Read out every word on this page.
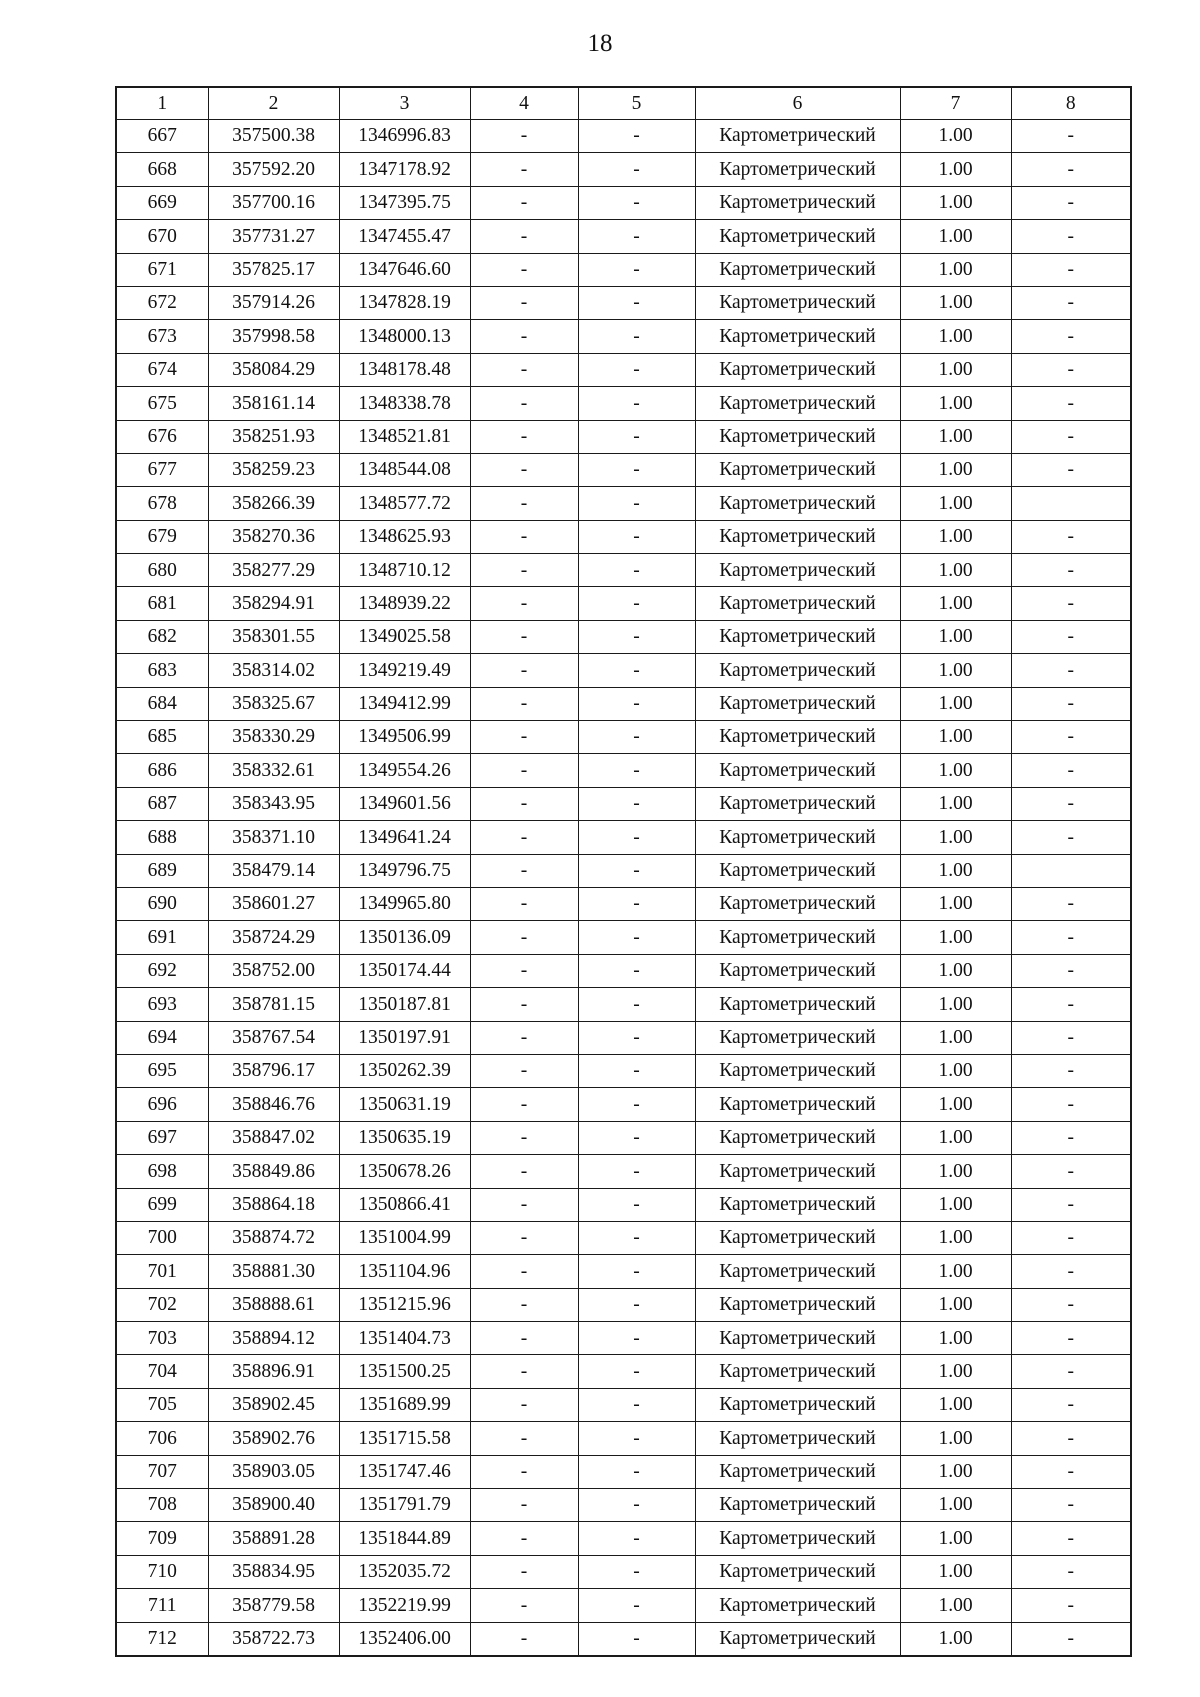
18
1	2	3	4	5	6	7	8
667	357500.38	1346996.83	-	-	Картометрический	1.00	-
668	357592.20	1347178.92	-	-	Картометрический	1.00	-
669	357700.16	1347395.75	-	-	Картометрический	1.00	-
670	357731.27	1347455.47	-	-	Картометрический	1.00	-
671	357825.17	1347646.60	-	-	Картометрический	1.00	-
672	357914.26	1347828.19	-	-	Картометрический	1.00	-
673	357998.58	1348000.13	-	-	Картометрический	1.00	-
674	358084.29	1348178.48	-	-	Картометрический	1.00	-
675	358161.14	1348338.78	-	-	Картометрический	1.00	-
676	358251.93	1348521.81	-	-	Картометрический	1.00	-
677	358259.23	1348544.08	-	-	Картометрический	1.00	-
678	358266.39	1348577.72	-	-	Картометрический	1.00	
679	358270.36	1348625.93	-	-	Картометрический	1.00	-
680	358277.29	1348710.12	-	-	Картометрический	1.00	-
681	358294.91	1348939.22	-	-	Картометрический	1.00	-
682	358301.55	1349025.58	-	-	Картометрический	1.00	-
683	358314.02	1349219.49	-	-	Картометрический	1.00	-
684	358325.67	1349412.99	-	-	Картометрический	1.00	-
685	358330.29	1349506.99	-	-	Картометрический	1.00	-
686	358332.61	1349554.26	-	-	Картометрический	1.00	-
687	358343.95	1349601.56	-	-	Картометрический	1.00	-
688	358371.10	1349641.24	-	-	Картометрический	1.00	-
689	358479.14	1349796.75	-	-	Картометрический	1.00	
690	358601.27	1349965.80	-	-	Картометрический	1.00	-
691	358724.29	1350136.09	-	-	Картометрический	1.00	-
692	358752.00	1350174.44	-	-	Картометрический	1.00	-
693	358781.15	1350187.81	-	-	Картометрический	1.00	-
694	358767.54	1350197.91	-	-	Картометрический	1.00	-
695	358796.17	1350262.39	-	-	Картометрический	1.00	-
696	358846.76	1350631.19	-	-	Картометрический	1.00	-
697	358847.02	1350635.19	-	-	Картометрический	1.00	-
698	358849.86	1350678.26	-	-	Картометрический	1.00	-
699	358864.18	1350866.41	-	-	Картометрический	1.00	-
700	358874.72	1351004.99	-	-	Картометрический	1.00	-
701	358881.30	1351104.96	-	-	Картометрический	1.00	-
702	358888.61	1351215.96	-	-	Картометрический	1.00	-
703	358894.12	1351404.73	-	-	Картометрический	1.00	-
704	358896.91	1351500.25	-	-	Картометрический	1.00	-
705	358902.45	1351689.99	-	-	Картометрический	1.00	-
706	358902.76	1351715.58	-	-	Картометрический	1.00	-
707	358903.05	1351747.46	-	-	Картометрический	1.00	-
708	358900.40	1351791.79	-	-	Картометрический	1.00	-
709	358891.28	1351844.89	-	-	Картометрический	1.00	-
710	358834.95	1352035.72	-	-	Картометрический	1.00	-
711	358779.58	1352219.99	-	-	Картометрический	1.00	-
712	358722.73	1352406.00	-	-	Картометрический	1.00	-
